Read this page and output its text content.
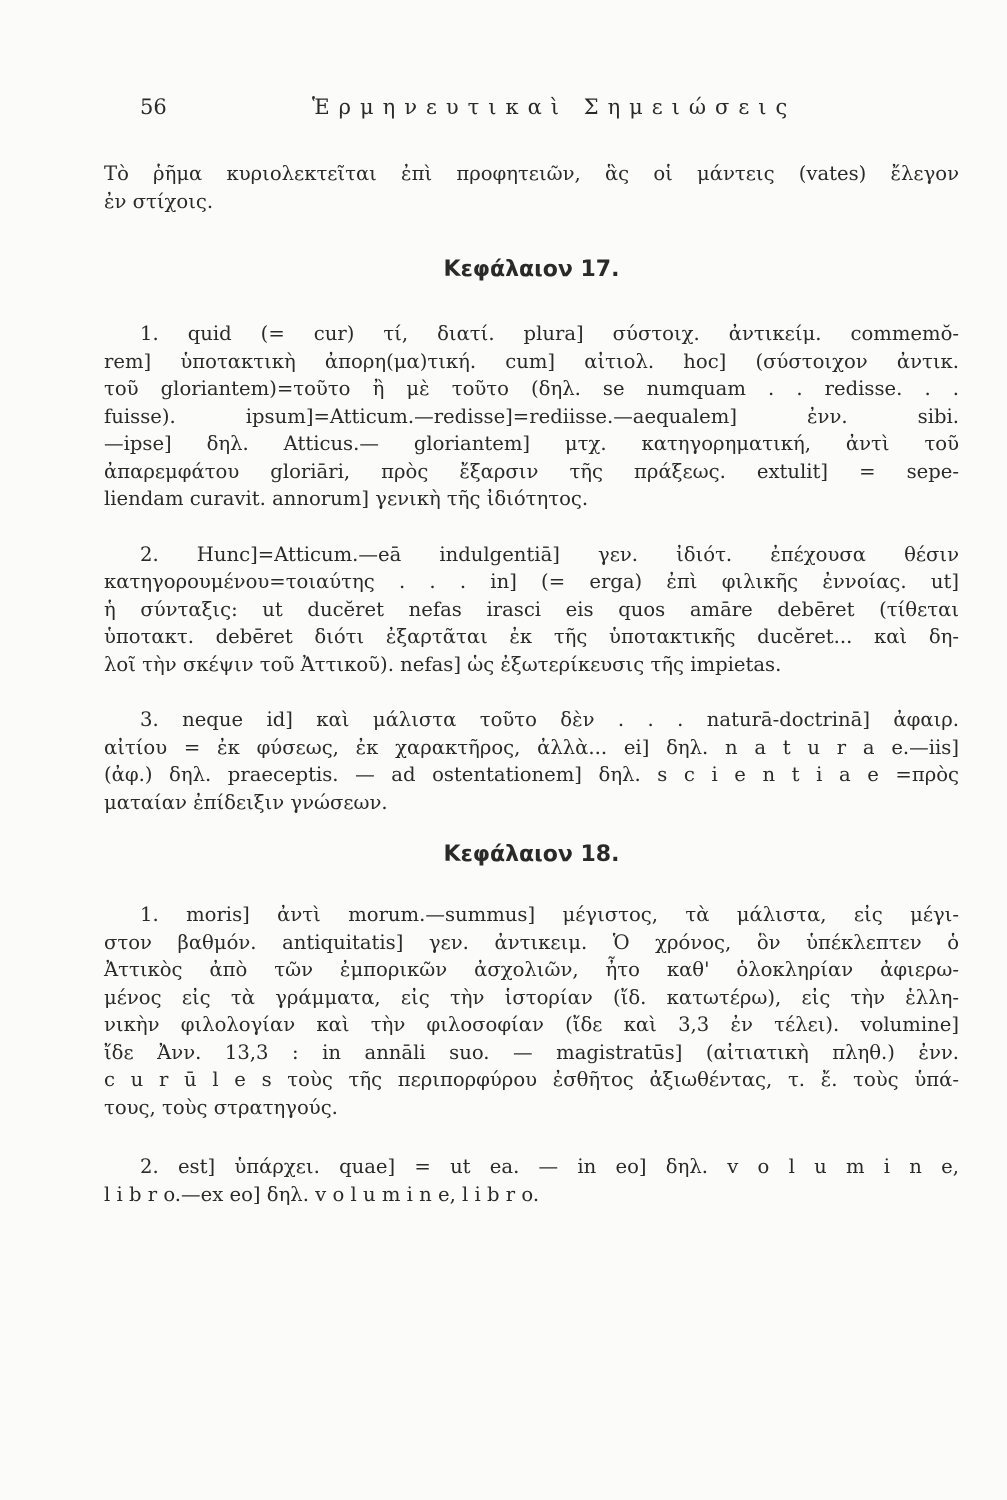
56	Ἑρμηνευτικαὶ Σημειώσεις

Τὸ ῥῆμα κυριολεκτεῖται ἐπὶ προφητειῶν, ἃς οἱ μάντεις (vates) ἔλεγον
ἐν στίχοις.

Κεφάλαιον 17.

1. quid (= cur) τί, διατί. plura] σύστοιχ. ἀντικείμ. commemŏ-
rem] ὑποτακτικὴ ἀπορη(μα)τική. cum] αἰτιολ. hoc] (σύστοιχον ἀντικ.
τοῦ gloriantem)=τοῦτο ἢ μὲ τοῦτο (δηλ. se numquam . . redisse. . .
fuisse). ipsum]=Atticum.—redisse]=rediisse.—aequalem] ἐνν. sibi.
—ipse] δηλ. Atticus.— gloriantem] μτχ. κατηγορηματική, ἀντὶ τοῦ
ἀπαρεμφάτου gloriāri, πρὸς ἔξαρσιν τῆς πράξεως. extulit] = sepe-
liendam curavit. annorum] γενικὴ τῆς ἰδιότητος.

2. Hunc]=Atticum.—eā indulgentiā] γεν. ἰδιότ. ἐπέχουσα θέσιν
κατηγορουμένου=τοιαύτης . . . in] (= erga) ἐπὶ φιλικῆς ἐννοίας. ut]
ἡ σύνταξις: ut ducĕret nefas irasci eis quos amāre debēret (τίθεται
ὑποτακτ. debēret διότι ἐξαρτᾶται ἐκ τῆς ὑποτακτικῆς ducĕret... καὶ δη-
λοῖ τὴν σκέψιν τοῦ Ἀττικοῦ). nefas] ὡς ἐξωτερίκευσις τῆς impietas.

3. neque id] καὶ μάλιστα τοῦτο δὲν . . . naturā-doctrinā] ἀφαιρ.
αἰτίου = ἐκ φύσεως, ἐκ χαρακτῆρος, ἀλλὰ... ei] δηλ. n a t u r a e.—iis]
(ἀφ.) δηλ. praeceptis. — ad ostentationem] δηλ. s c i e n t i a e =πρὸς
ματαίαν ἐπίδειξιν γνώσεων.

Κεφάλαιον 18.

1. moris] ἀντὶ morum.—summus] μέγιστος, τὰ μάλιστα, εἰς μέγι-
στον βαθμόν. antiquitatis] γεν. ἀντικειμ. Ὁ χρόνος, ὃν ὑπέκλεπτεν ὁ
Ἀττικὸς ἀπὸ τῶν ἐμπορικῶν ἀσχολιῶν, ἦτο καθ' ὁλοκληρίαν ἀφιερω-
μένος εἰς τὰ γράμματα, εἰς τὴν ἱστορίαν (ἴδ. κατωτέρω), εἰς τὴν ἑλλη-
νικὴν φιλολογίαν καὶ τὴν φιλοσοφίαν (ἴδε καὶ 3,3 ἐν τέλει). volumine]
ἴδε Ἀνν. 13,3 : in annāli suo. — magistratūs] (αἰτιατικὴ πληθ.) ἐνν.
c u r ū l e s τοὺς τῆς περιπορφύρου ἐσθῆτος ἀξιωθέντας, τ. ἔ. τοὺς ὑπά-
τους, τοὺς στρατηγούς.

2. est] ὑπάρχει. quae] = ut ea. — in eo] δηλ. v o l u m i n e,
l i b r o.—ex eo] δηλ. v o l u m i n e, l i b r o.
